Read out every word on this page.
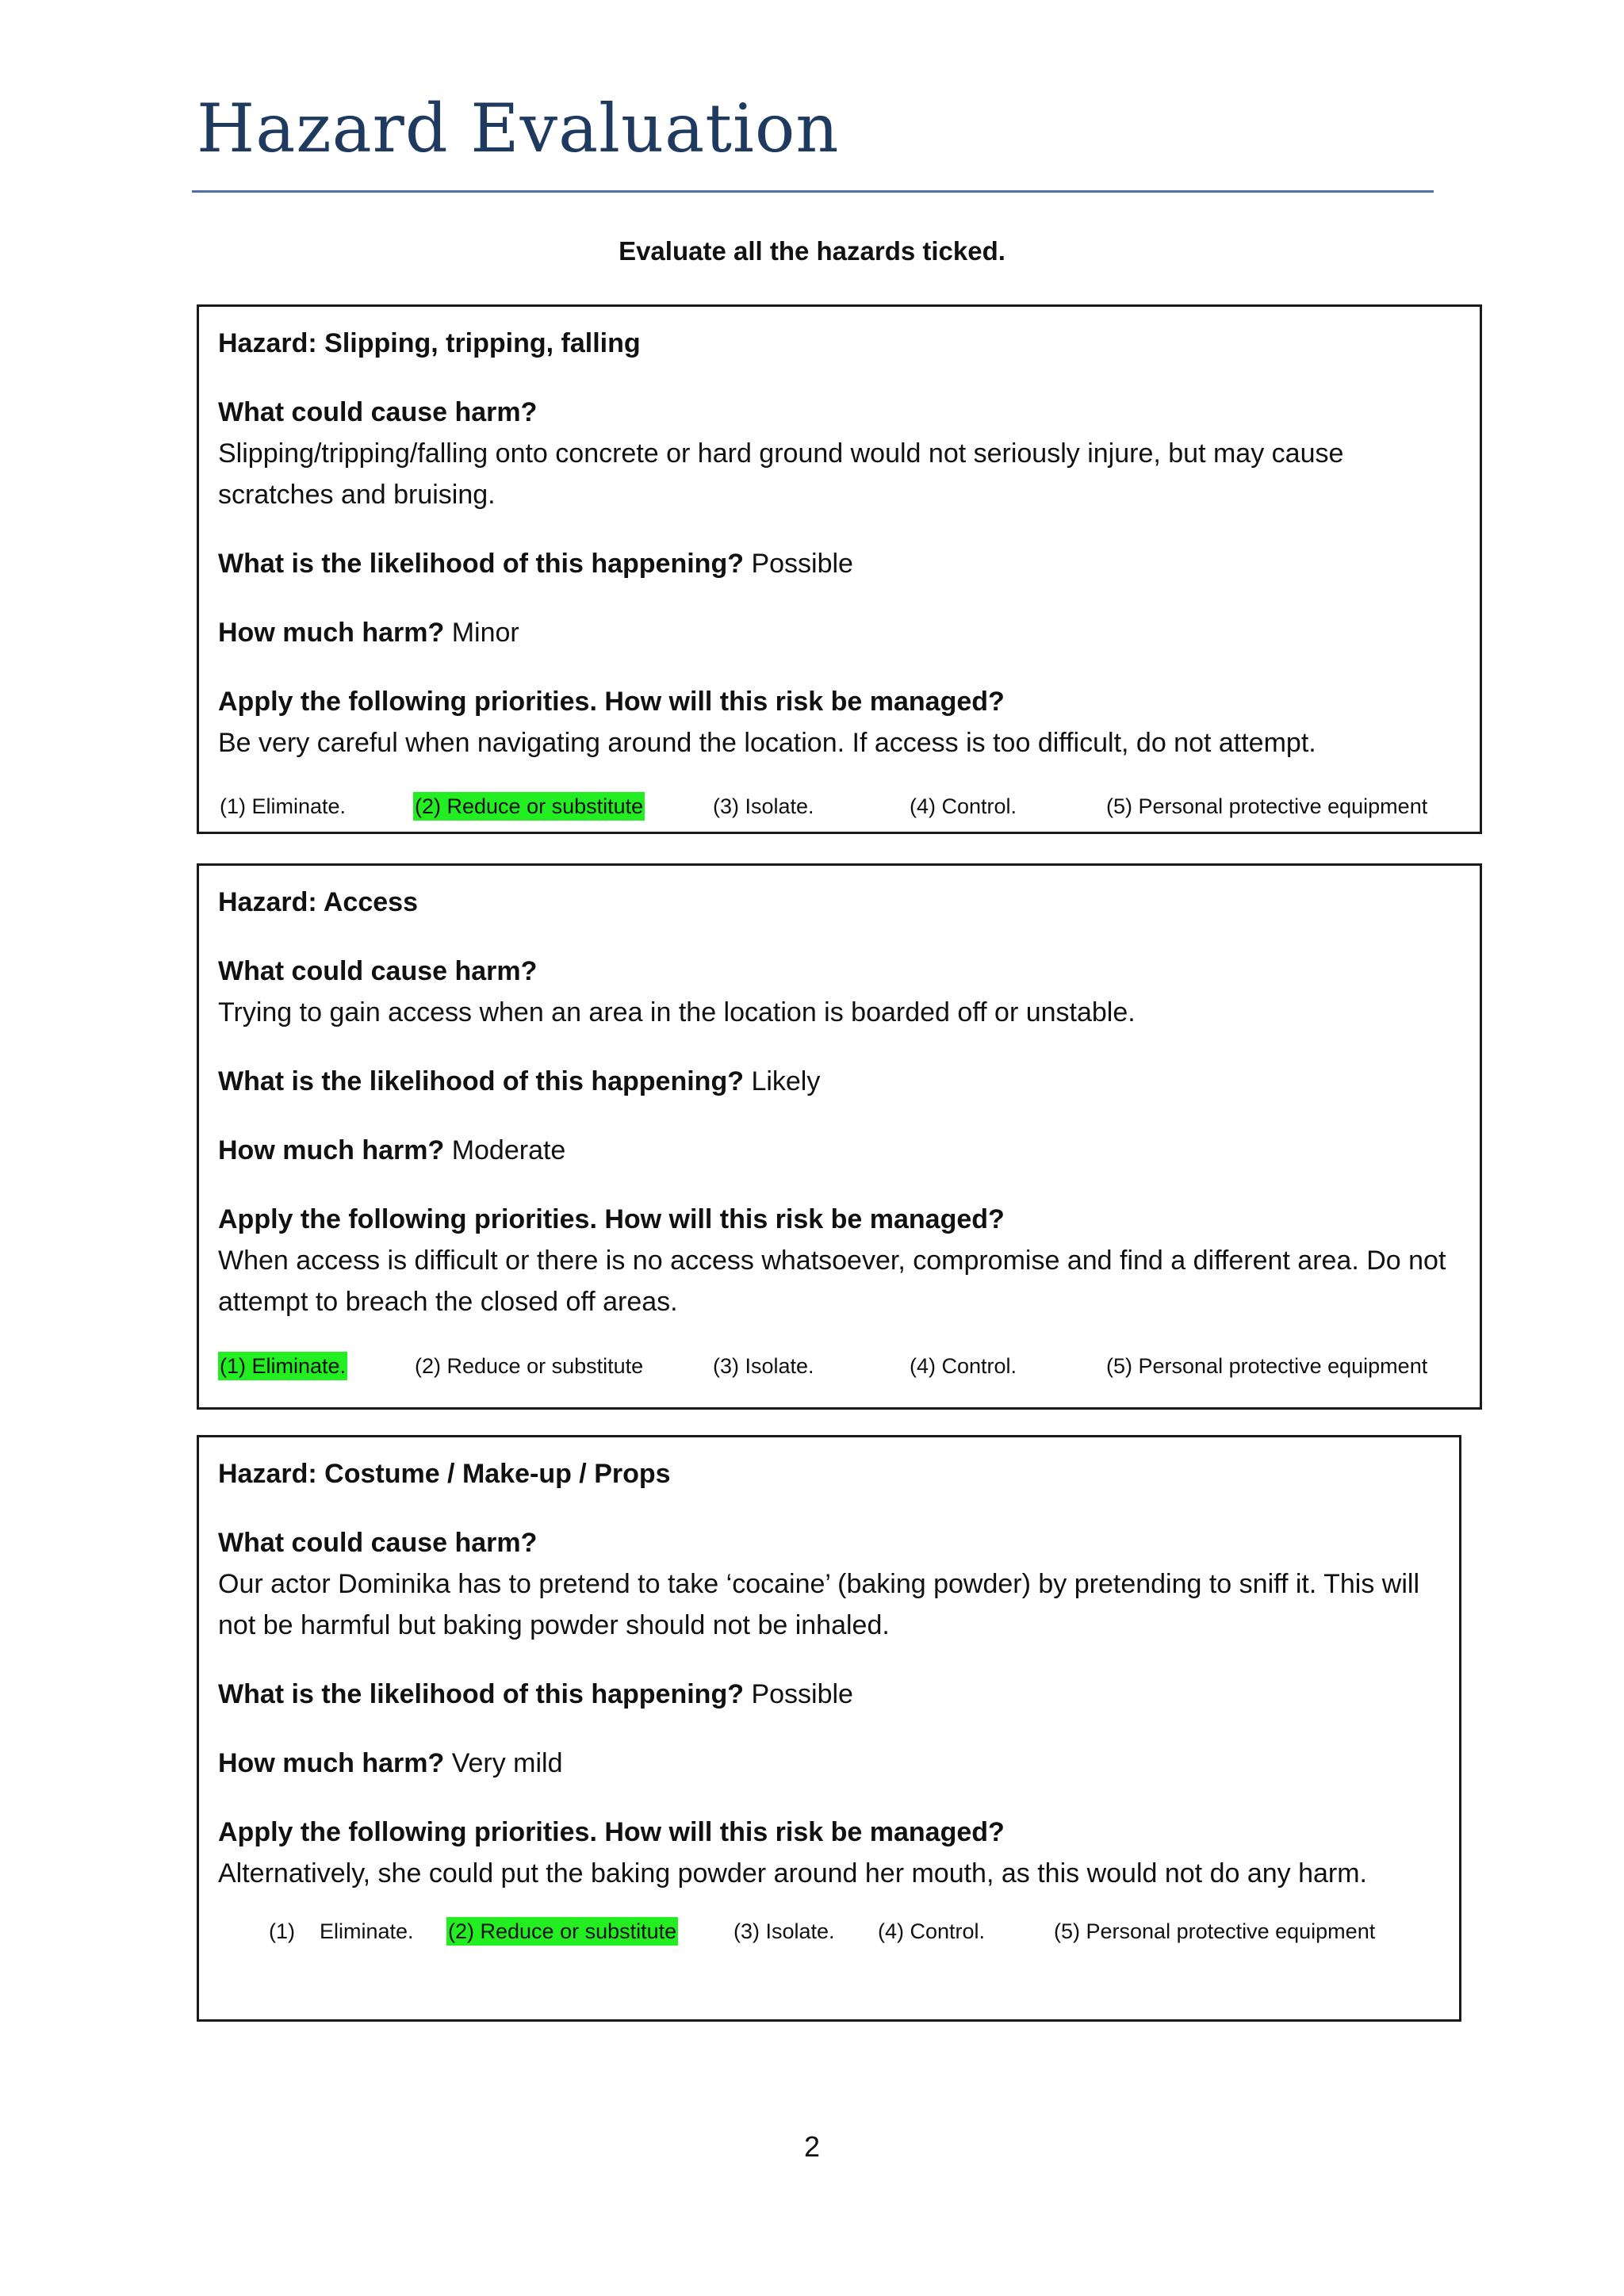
Hazard Evaluation
Evaluate all the hazards ticked.

Hazard: Slipping, tripping, falling

What could cause harm?

Slipping/tripping/falling onto concrete or hard ground would not seriously injure, but may cause scratches and bruising.

What is the likelihood of this happening? Possible

How much harm? Minor

Apply the following priorities. How will this risk be managed?

Be very careful when navigating around the location. If access is too difficult, do not attempt.

(1) Eliminate.	(2) Reduce or substitute	(3) Isolate.	(4) Control.	(5) Personal protective equipment

Hazard: Access

What could cause harm?

Trying to gain access when an area in the location is boarded off or unstable.

What is the likelihood of this happening? Likely

How much harm? Moderate

Apply the following priorities. How will this risk be managed?

When access is difficult or there is no access whatsoever, compromise and find a different area. Do not attempt to breach the closed off areas.

(1) Eliminate.	(2) Reduce or substitute	(3) Isolate.	(4) Control.	(5) Personal protective equipment

Hazard: Costume / Make-up / Props

What could cause harm?

Our actor Dominika has to pretend to take ‘cocaine’ (baking powder) by pretending to sniff it. This will not be harmful but baking powder should not be inhaled.

What is the likelihood of this happening? Possible

How much harm? Very mild

Apply the following priorities. How will this risk be managed?

Alternatively, she could put the baking powder around her mouth, as this would not do any harm.

(1) Eliminate. (2) Reduce or substitute	(3) Isolate. (4) Control.	(5) Personal protective equipment
2
